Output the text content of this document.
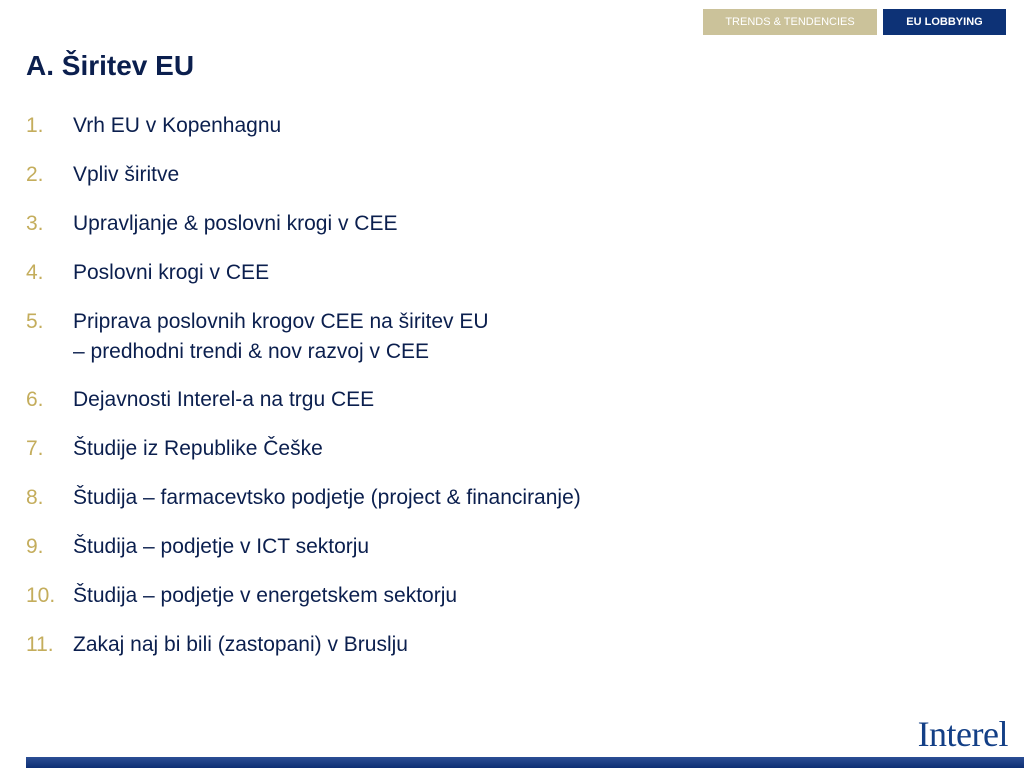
TRENDS & TENDENCIES	EU LOBBYING
A. Širitev EU
1. Vrh EU v Kopenhagnu
2. Vpliv širitve
3. Upravljanje & poslovni krogi v CEE
4. Poslovni krogi v CEE
5. Priprava poslovnih krogov CEE na širitev EU
– predhodni trendi & nov razvoj v CEE
6. Dejavnosti Interel-a na trgu CEE
7. Študije iz Republike Češke
8. Študija – farmacevtsko podjetje (project & financiranje)
9. Študija – podjetje v ICT sektorju
10. Študija – podjetje v energetskem sektorju
11. Zakaj naj bi bili (zastopani) v Bruslju
Interel
